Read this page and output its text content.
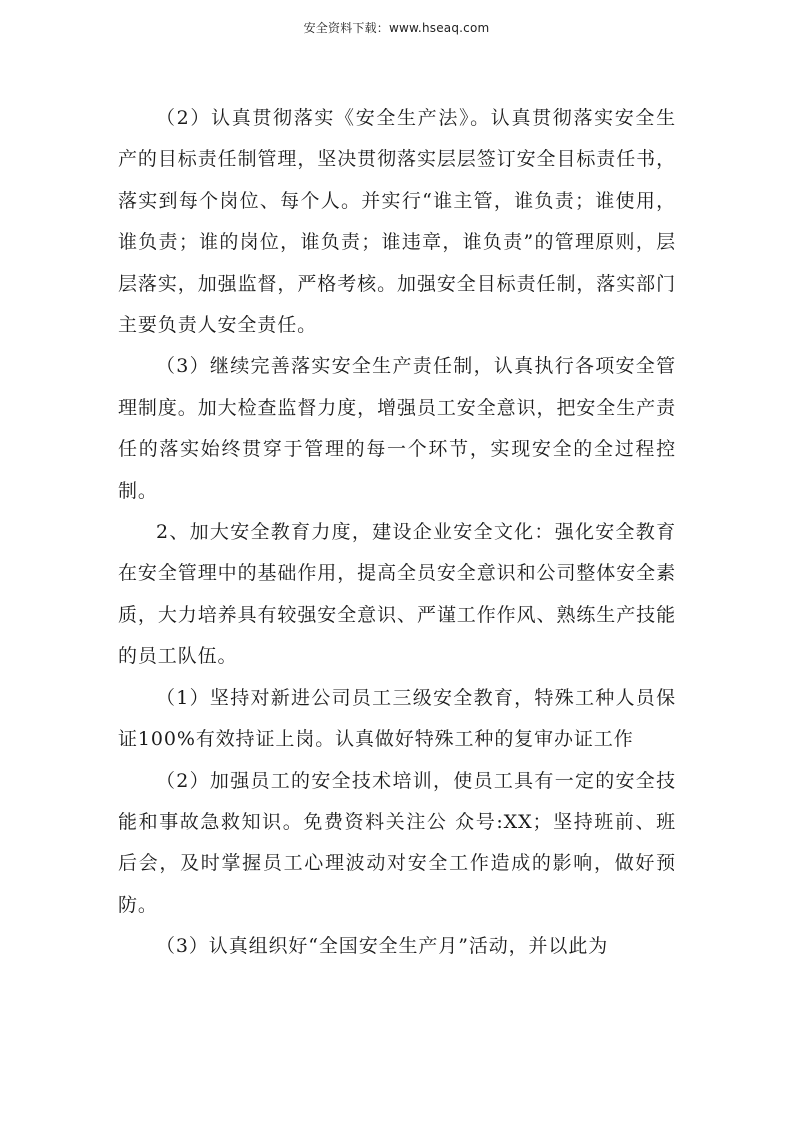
安全资料下载：www.hseaq.com

（2）认真贯彻落实《安全生产法》。认真贯彻落实安全生产的目标责任制管理，坚决贯彻落实层层签订安全目标责任书，落实到每个岗位、每个人。并实行“谁主管，谁负责；谁使用，谁负责；谁的岗位，谁负责；谁违章，谁负责”的管理原则，层层落实，加强监督，严格考核。加强安全目标责任制，落实部门主要负责人安全责任。

（3）继续完善落实安全生产责任制，认真执行各项安全管理制度。加大检查监督力度，增强员工安全意识，把安全生产责任的落实始终贯穿于管理的每一个环节，实现安全的全过程控制。

2、加大安全教育力度，建设企业安全文化：强化安全教育在安全管理中的基础作用，提高全员安全意识和公司整体安全素质，大力培养具有较强安全意识、严谨工作作风、熟练生产技能的员工队伍。

（1）坚持对新进公司员工三级安全教育，特殊工种人员保证100%有效持证上岗。认真做好特殊工种的复审办证工作

（2）加强员工的安全技术培训，使员工具有一定的安全技能和事故急救知识。免费资料关注公 众号:XX；坚持班前、班后会，及时掌握员工心理波动对安全工作造成的影响，做好预防。

（3）认真组织好“全国安全生产月”活动，并以此为
